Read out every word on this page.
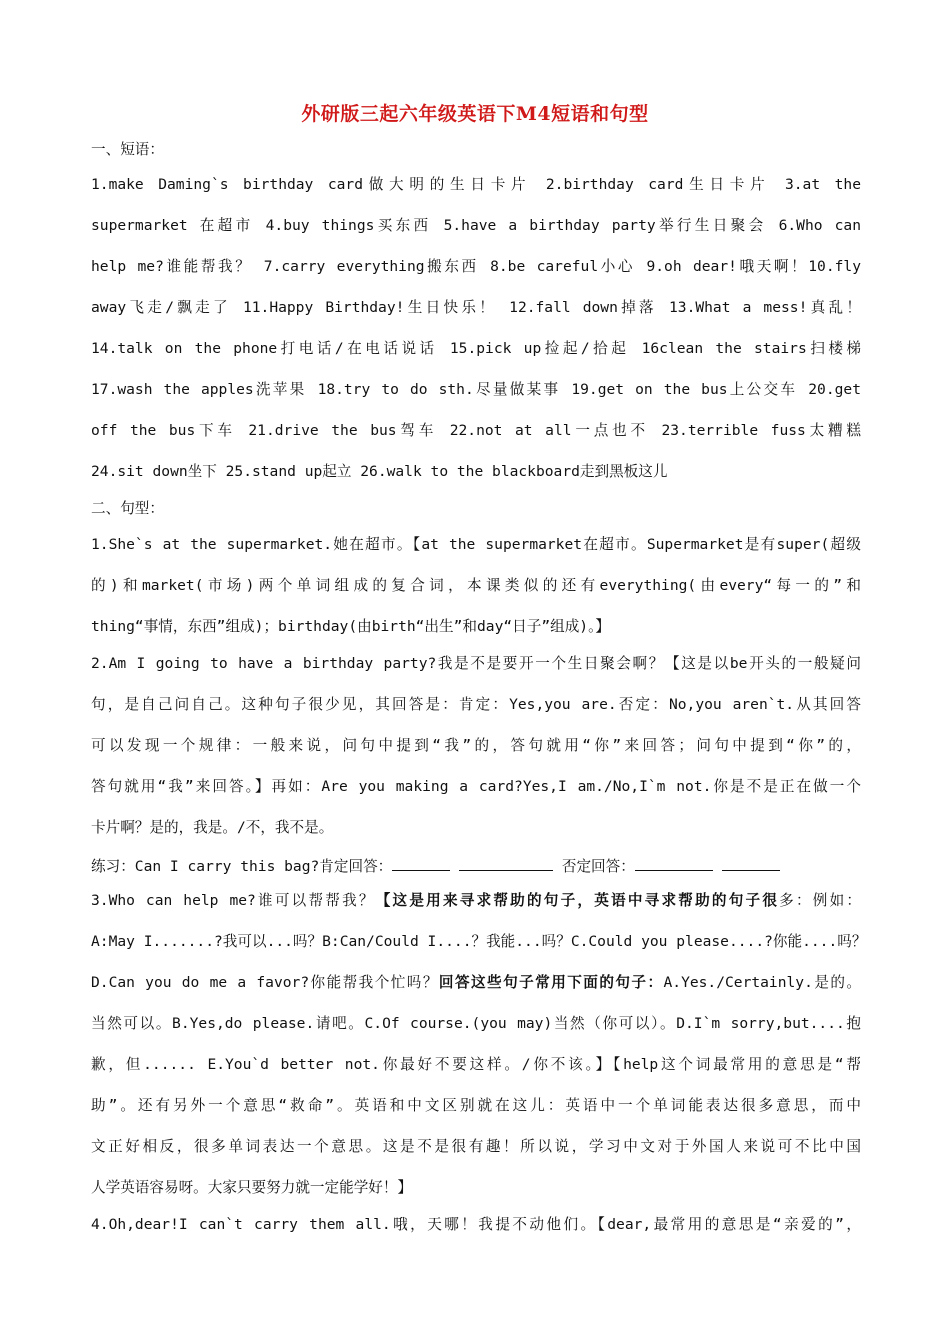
外研版三起六年级英语下M4短语和句型
一、短语：
1.make Daming`s birthday card做大明的生日卡片 2.birthday card生日卡片 3.at the
supermarket 在超市 4.buy things买东西 5.have a birthday party举行生日聚会 6.Who can
help me?谁能帮我？ 7.carry everything搬东西 8.be careful小心 9.oh dear!哦天啊！10.fly
away飞走/飘走了 11.Happy Birthday!生日快乐！ 12.fall down掉落 13.What a mess!真乱！
14.talk on the phone打电话/在电话说话 15.pick up捡起/拾起 16clean the stairs扫楼梯
17.wash the apples洗苹果 18.try to do sth.尽量做某事 19.get on the bus上公交车 20.get
off the bus下车 21.drive the bus驾车 22.not at all一点也不 23.terrible fuss太糟糕
24.sit down坐下 25.stand up起立 26.walk to the blackboard走到黑板这儿
二、句型：
1.She`s at the supermarket.她在超市。【at the supermarket在超市。Supermarket是有super(超级
的)和market(市场)两个单词组成的复合词，本课类似的还有everything(由every“每一的”和
thing“事情，东西”组成)；birthday(由birth“出生”和day“日子”组成)。】
2.Am I going to have a birthday party?我是不是要开一个生日聚会啊？【这是以be开头的一般疑问
句，是自己问自己。这种句子很少见，其回答是：肯定：Yes,you are.否定：No,you aren`t.从其回答
可以发现一个规律：一般来说，问句中提到“我”的，答句就用“你”来回答；问句中提到“你”的，
答句就用“我”来回答。】再如：Are you making a card?Yes,I am./No,I`m not.你是不是正在做一个
卡片啊？是的，我是。/不，我不是。
练习：Can I carry this bag?肯定回答：	否定回答：
3.Who can help me?谁可以帮帮我？【这是用来寻求帮助的句子，英语中寻求帮助的句子很多：例如：
A:May I.......?我可以...吗？B:Can/Could I....？我能...吗？C.Could you please....?你能....吗？
D.Can you do me a favor?你能帮我个忙吗？回答这些句子常用下面的句子：A.Yes./Certainly.是的。
当然可以。B.Yes,do please.请吧。C.Of course.(you may)当然（你可以）。D.I`m sorry,but....抱
歉，但...... E.You`d better not.你最好不要这样。/你不该。】【help这个词最常用的意思是“帮
助”。还有另外一个意思“救命”。英语和中文区别就在这儿：英语中一个单词能表达很多意思，而中
文正好相反，很多单词表达一个意思。这是不是很有趣！所以说，学习中文对于外国人来说可不比中国
人学英语容易呀。大家只要努力就一定能学好！】
4.Oh,dear!I can`t carry them all.哦，天哪！我提不动他们。【dear,最常用的意思是“亲爱的”，
